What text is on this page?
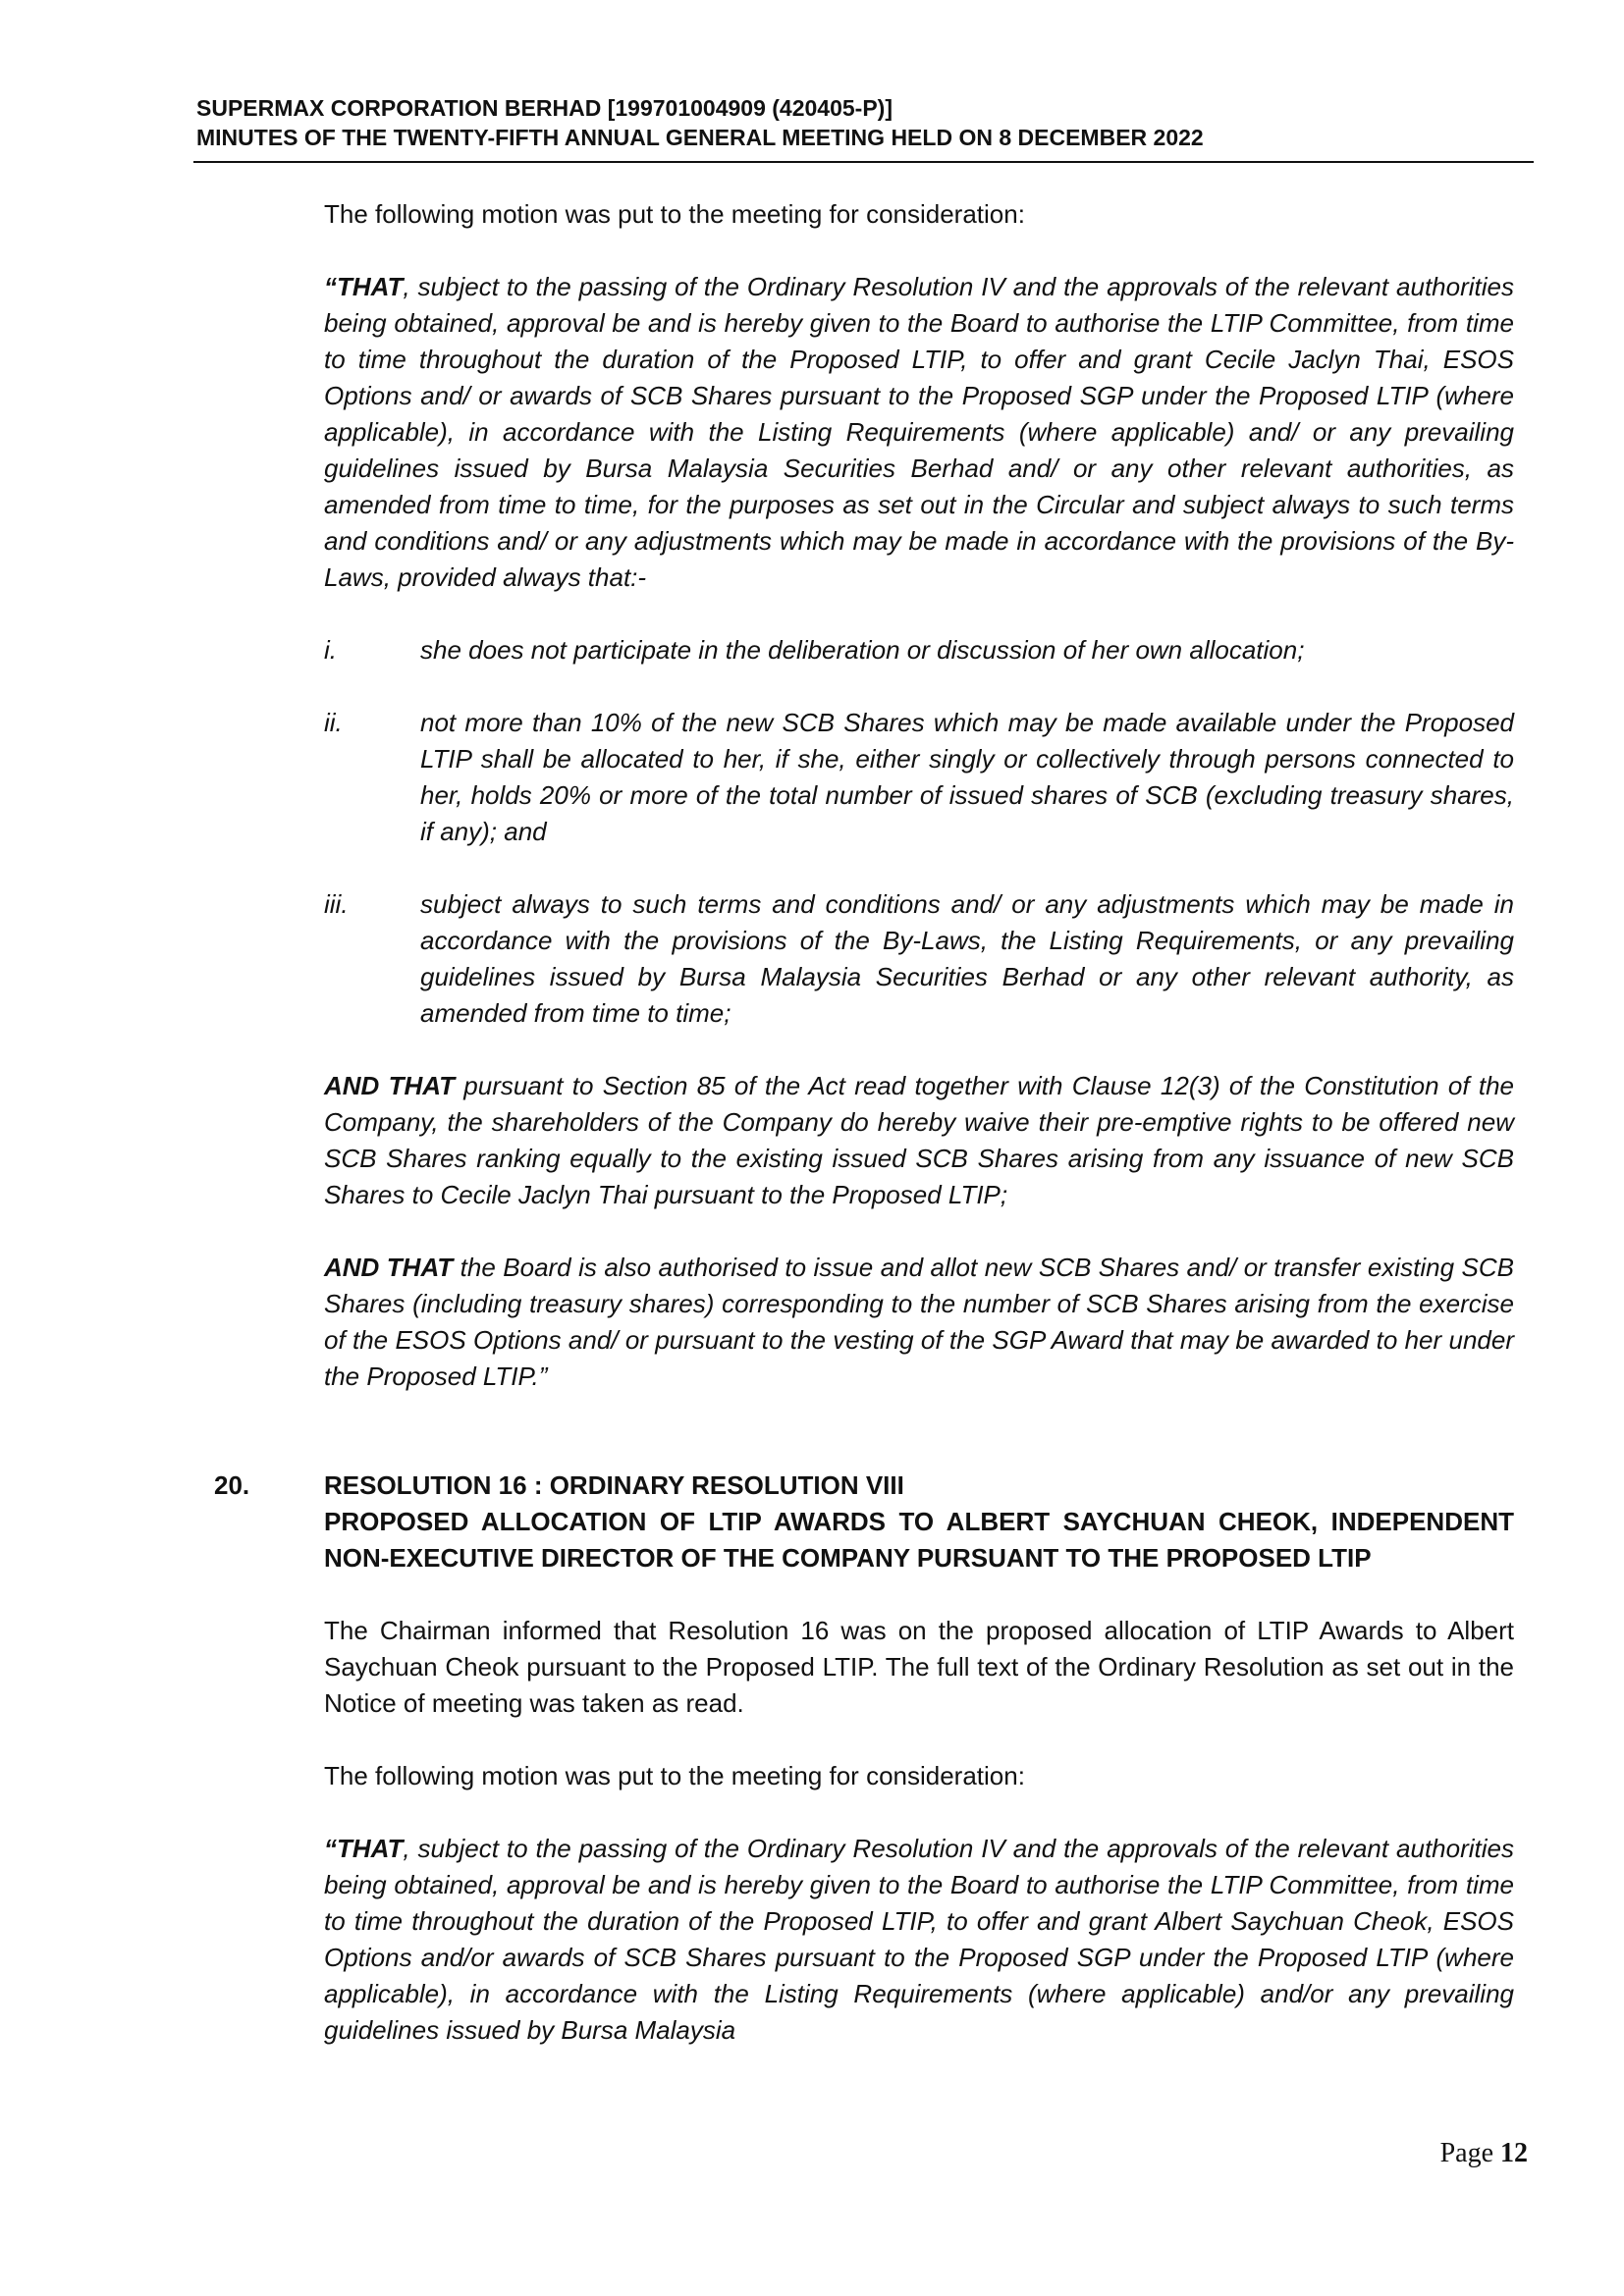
SUPERMAX CORPORATION BERHAD [199701004909 (420405-P)]
MINUTES OF THE TWENTY-FIFTH ANNUAL GENERAL MEETING HELD ON 8 DECEMBER 2022

The following motion was put to the meeting for consideration:

“THAT, subject to the passing of the Ordinary Resolution IV and the approvals of the relevant authorities being obtained, approval be and is hereby given to the Board to authorise the LTIP Committee, from time to time throughout the duration of the Proposed LTIP, to offer and grant Cecile Jaclyn Thai, ESOS Options and/ or awards of SCB Shares pursuant to the Proposed SGP under the Proposed LTIP (where applicable), in accordance with the Listing Requirements (where applicable) and/ or any prevailing guidelines issued by Bursa Malaysia Securities Berhad and/ or any other relevant authorities, as amended from time to time, for the purposes as set out in the Circular and subject always to such terms and conditions and/ or any adjustments which may be made in accordance with the provisions of the By-Laws, provided always that:-

i.	she does not participate in the deliberation or discussion of her own allocation;

ii.	not more than 10% of the new SCB Shares which may be made available under the Proposed LTIP shall be allocated to her, if she, either singly or collectively through persons connected to her, holds 20% or more of the total number of issued shares of SCB (excluding treasury shares, if any); and

iii.	subject always to such terms and conditions and/ or any adjustments which may be made in accordance with the provisions of the By-Laws, the Listing Requirements, or any prevailing guidelines issued by Bursa Malaysia Securities Berhad or any other relevant authority, as amended from time to time;

AND THAT pursuant to Section 85 of the Act read together with Clause 12(3) of the Constitution of the Company, the shareholders of the Company do hereby waive their pre-emptive rights to be offered new SCB Shares ranking equally to the existing issued SCB Shares arising from any issuance of new SCB Shares to Cecile Jaclyn Thai pursuant to the Proposed LTIP;

AND THAT the Board is also authorised to issue and allot new SCB Shares and/ or transfer existing SCB Shares (including treasury shares) corresponding to the number of SCB Shares arising from the exercise of the ESOS Options and/ or pursuant to the vesting of the SGP Award that may be awarded to her under the Proposed LTIP.”

20.	RESOLUTION 16 : ORDINARY RESOLUTION VIII
PROPOSED ALLOCATION OF LTIP AWARDS TO ALBERT SAYCHUAN CHEOK, INDEPENDENT NON-EXECUTIVE DIRECTOR OF THE COMPANY PURSUANT TO THE PROPOSED LTIP

The Chairman informed that Resolution 16 was on the proposed allocation of LTIP Awards to Albert Saychuan Cheok pursuant to the Proposed LTIP. The full text of the Ordinary Resolution as set out in the Notice of meeting was taken as read.

The following motion was put to the meeting for consideration:

“THAT, subject to the passing of the Ordinary Resolution IV and the approvals of the relevant authorities being obtained, approval be and is hereby given to the Board to authorise the LTIP Committee, from time to time throughout the duration of the Proposed LTIP, to offer and grant Albert Saychuan Cheok, ESOS Options and/or awards of SCB Shares pursuant to the Proposed SGP under the Proposed LTIP (where applicable), in accordance with the Listing Requirements (where applicable) and/or any prevailing guidelines issued by Bursa Malaysia

Page 12
